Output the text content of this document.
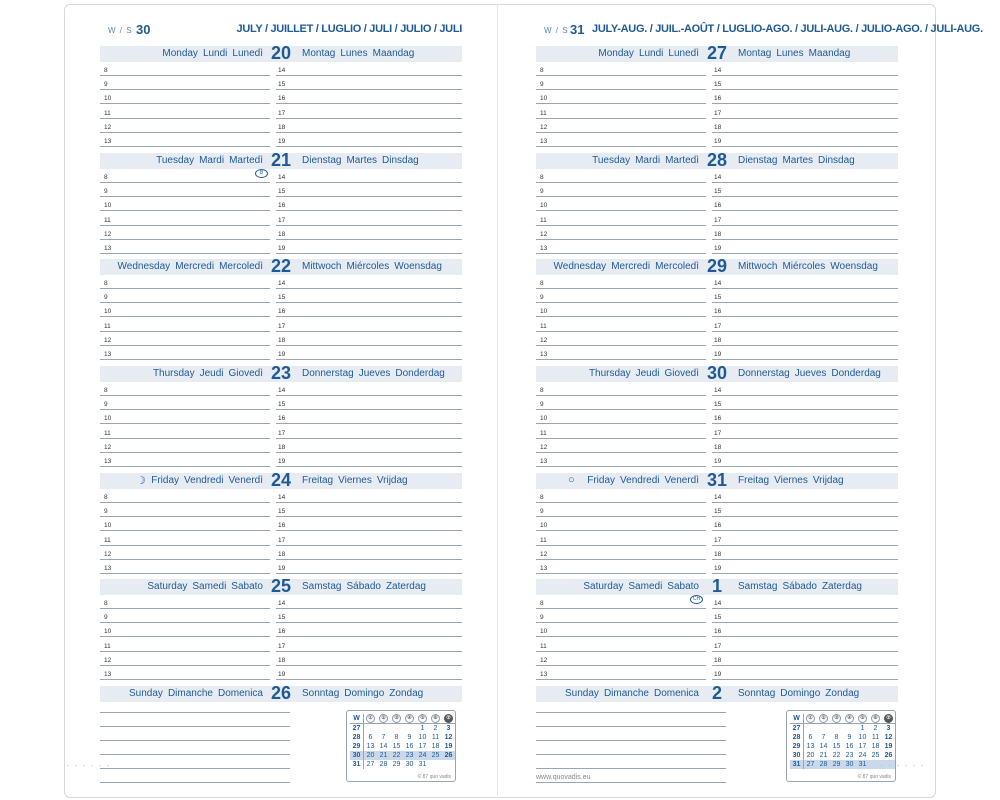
W / S 30	JULY / JUILLET / LUGLIO / JULI / JULIO / JULI
Monday Lundi Lunedì 20 Montag Lunes Maandag
8	14
9	15
10	16
11	17
12	18
13	19
Tuesday Mardi Martedì 21 Dienstag Martes Dinsdag
8	14
9	15
10	16
11	17
12	18
13	19
B
Wednesday Mercredi Mercoledì 22 Mittwoch Miércoles Woensdag
8	14
9	15
10	16
11	17
12	18
13	19
Thursday Jeudi Giovedì 23 Donnerstag Jueves Donderdag
8	14
9	15
10	16
11	17
12	18
13	19
Friday Vendredi Venerdì 24 Freitag Viernes Vrijdag
☽
8	14
9	15
10	16
11	17
12	18
13	19
Saturday Samedi Sabato 25 Samstag Sábado Zaterdag
8	14
9	15
10	16
11	17
12	18
13	19
Sunday Dimanche Domenica 26 Sonntag Domingo Zondag
W	①	②	③	④	⑤	⑥	⑦
27					1	2	3
28	6	7	8	9	10	11	12
29	13	14	15	16	17	18	19
30	20	21	22	23	24	25	26
31	27	28	29	30	31		
© 87 quo vadis
W / S 31 JULY-AUG. / JUIL.-AOÛT / LUGLIO-AGO. / JULI-AUG. / JULIO-AGO. / JULI-AUG.
Monday Lundi Lunedì 27 Montag Lunes Maandag
8	14
9	15
10	16
11	17
12	18
13	19
Tuesday Mardi Martedì 28 Dienstag Martes Dinsdag
8	14
9	15
10	16
11	17
12	18
13	19
Wednesday Mercredi Mercoledì 29 Mittwoch Miércoles Woensdag
8	14
9	15
10	16
11	17
12	18
13	19
Thursday Jeudi Giovedì 30 Donnerstag Jueves Donderdag
8	14
9	15
10	16
11	17
12	18
13	19
Friday Vendredi Venerdì 31 Freitag Viernes Vrijdag
○
8	14
9	15
10	16
11	17
12	18
13	19
Saturday Samedi Sabato 1	Samstag Sábado Zaterdag
8	14
9	15
10	16
11	17
12	18
13	19
CH
Sunday Dimanche Domenica 2	Sonntag Domingo Zondag
W	①	②	③	④	⑤	⑥	⑦
27					1	2	3
28	6	7	8	9	10	11	12
29	13	14	15	16	17	18	19
30	20	21	22	23	24	25	26
31	27	28	29	30	31		
© 87 quo vadis
www.quovadis.eu
· · · · · ·	· · · · · ·
